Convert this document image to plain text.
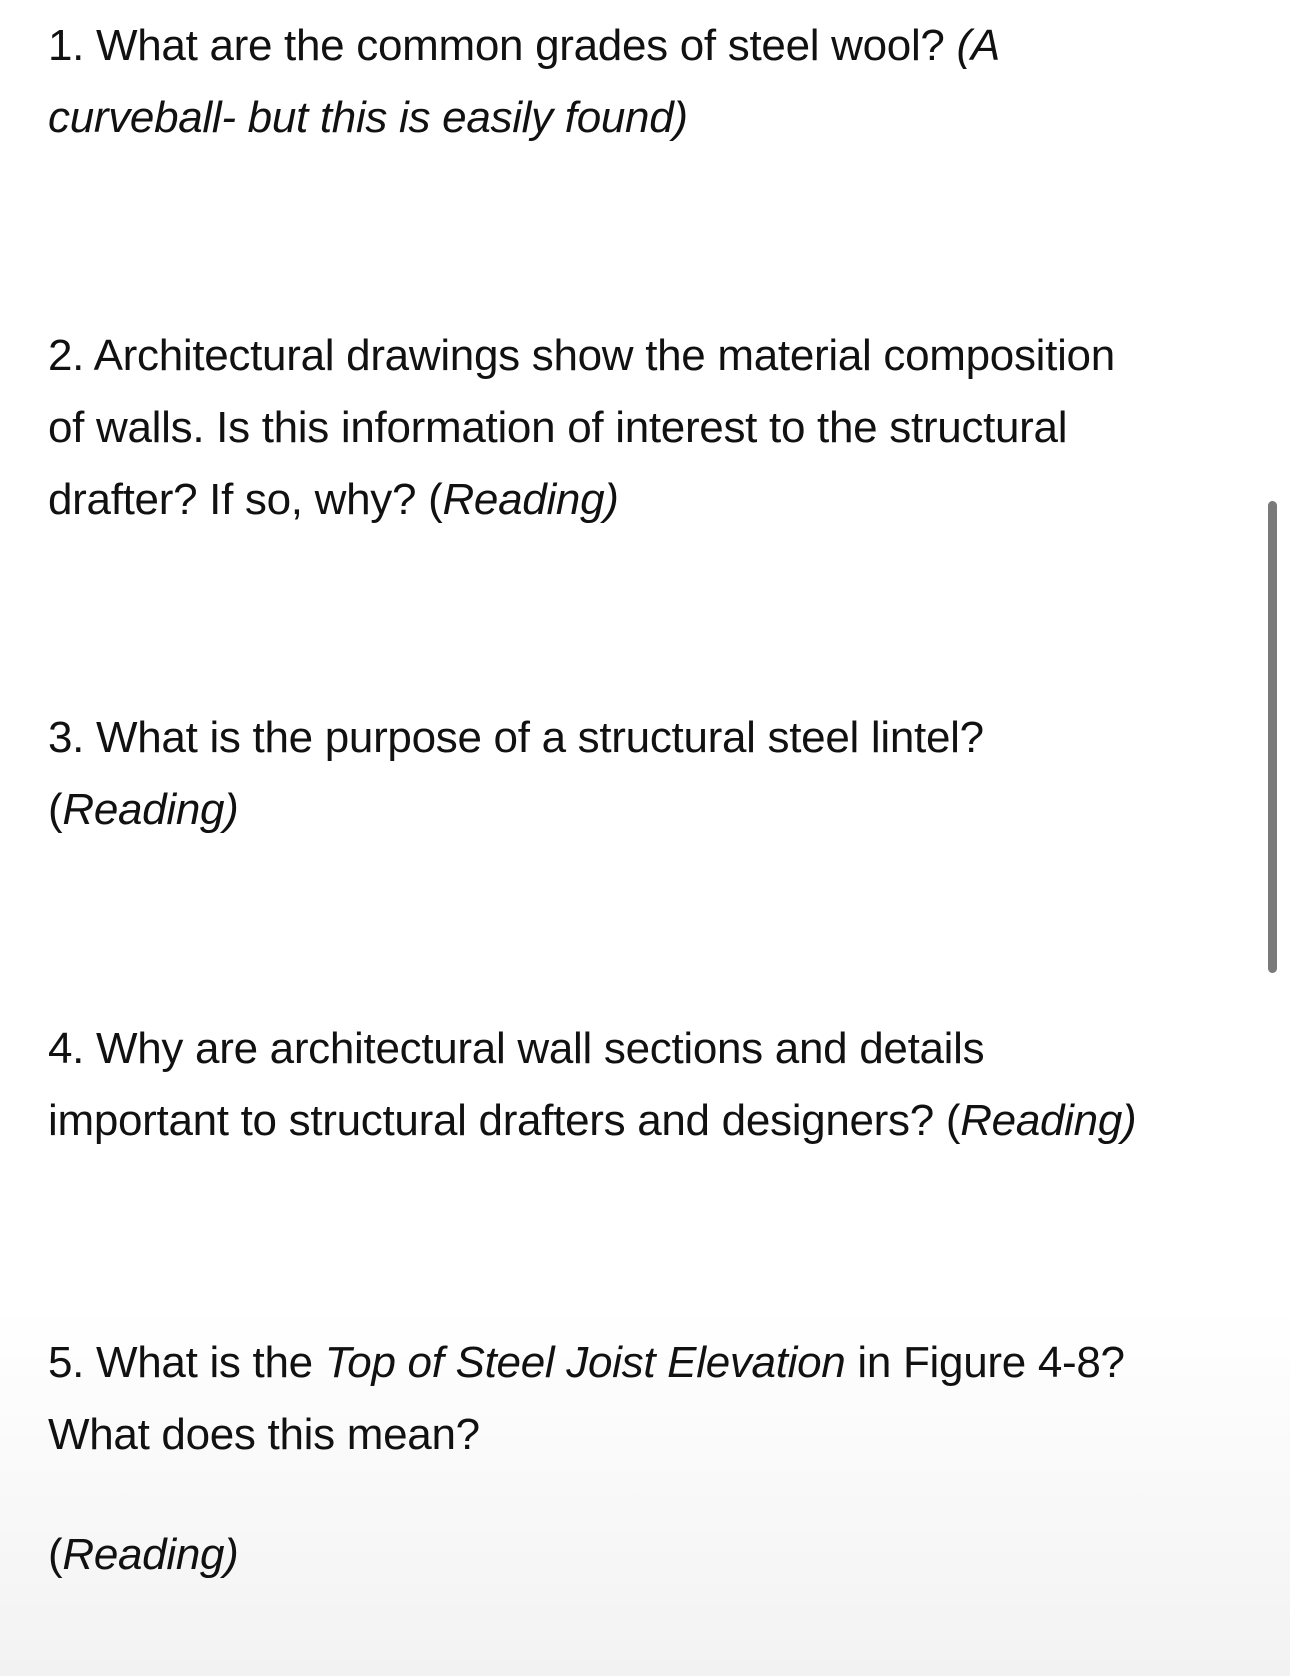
1. What are the common grades of steel wool? (A
curveball- but this is easily found)
2. Architectural drawings show the material composition
of walls. Is this information of interest to the structural
drafter? If so, why? (Reading)
3. What is the purpose of a structural steel lintel?
(Reading)
4. Why are architectural wall sections and details
important to structural drafters and designers? (Reading)
5. What is the Top of Steel Joist Elevation in Figure 4-8?
What does this mean?
(Reading)
